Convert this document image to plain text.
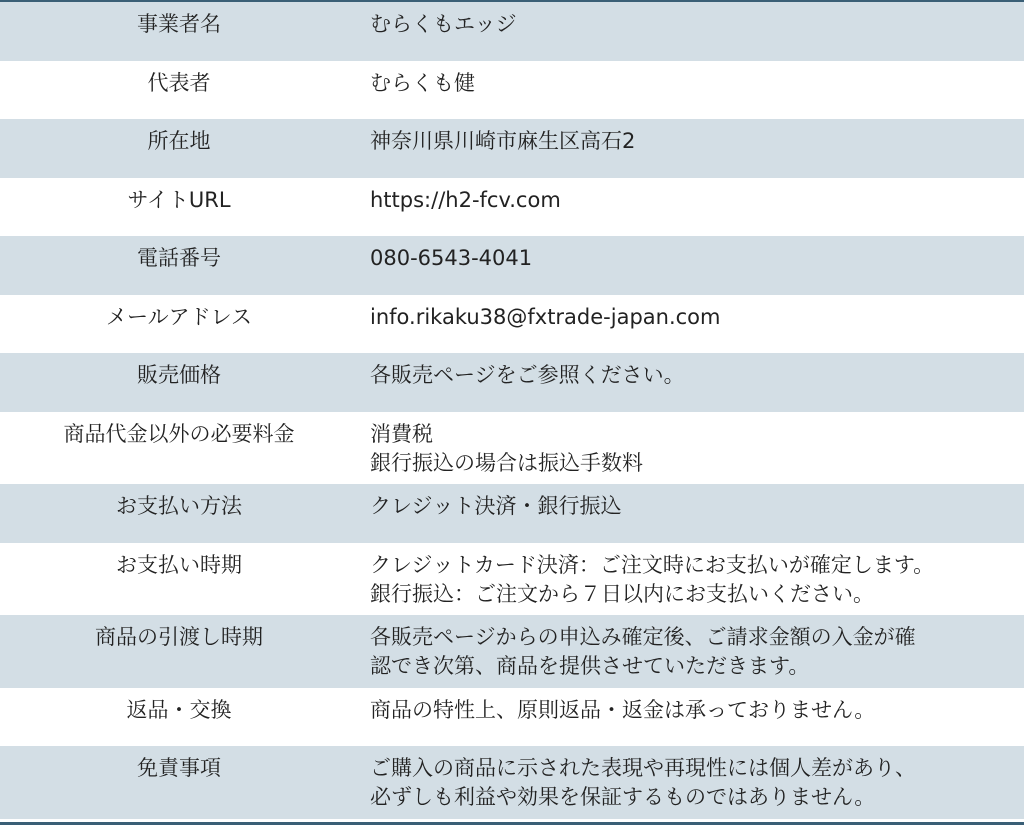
事業者名	むらくもエッジ
代表者	むらくも健
所在地	神奈川県川崎市麻生区高石2
サイトURL	https://h2-fcv.com
電話番号	080-6543-4041
メールアドレス	info.rikaku38@fxtrade-japan.com
販売価格	各販売ページをご参照ください。
商品代金以外の必要料金	消費税
銀行振込の場合は振込手数料
お支払い方法	クレジット決済・銀行振込
お支払い時期	クレジットカード決済：ご注文時にお支払いが確定します。
銀行振込：ご注文から７日以内にお支払いください。
商品の引渡し時期	各販売ページからの申込み確定後、ご請求金額の入金が確
認でき次第、商品を提供させていただきます。
返品・交換	商品の特性上、原則返品・返金は承っておりません。
免責事項	ご購入の商品に示された表現や再現性には個人差があり、
必ずしも利益や効果を保証するものではありません。
